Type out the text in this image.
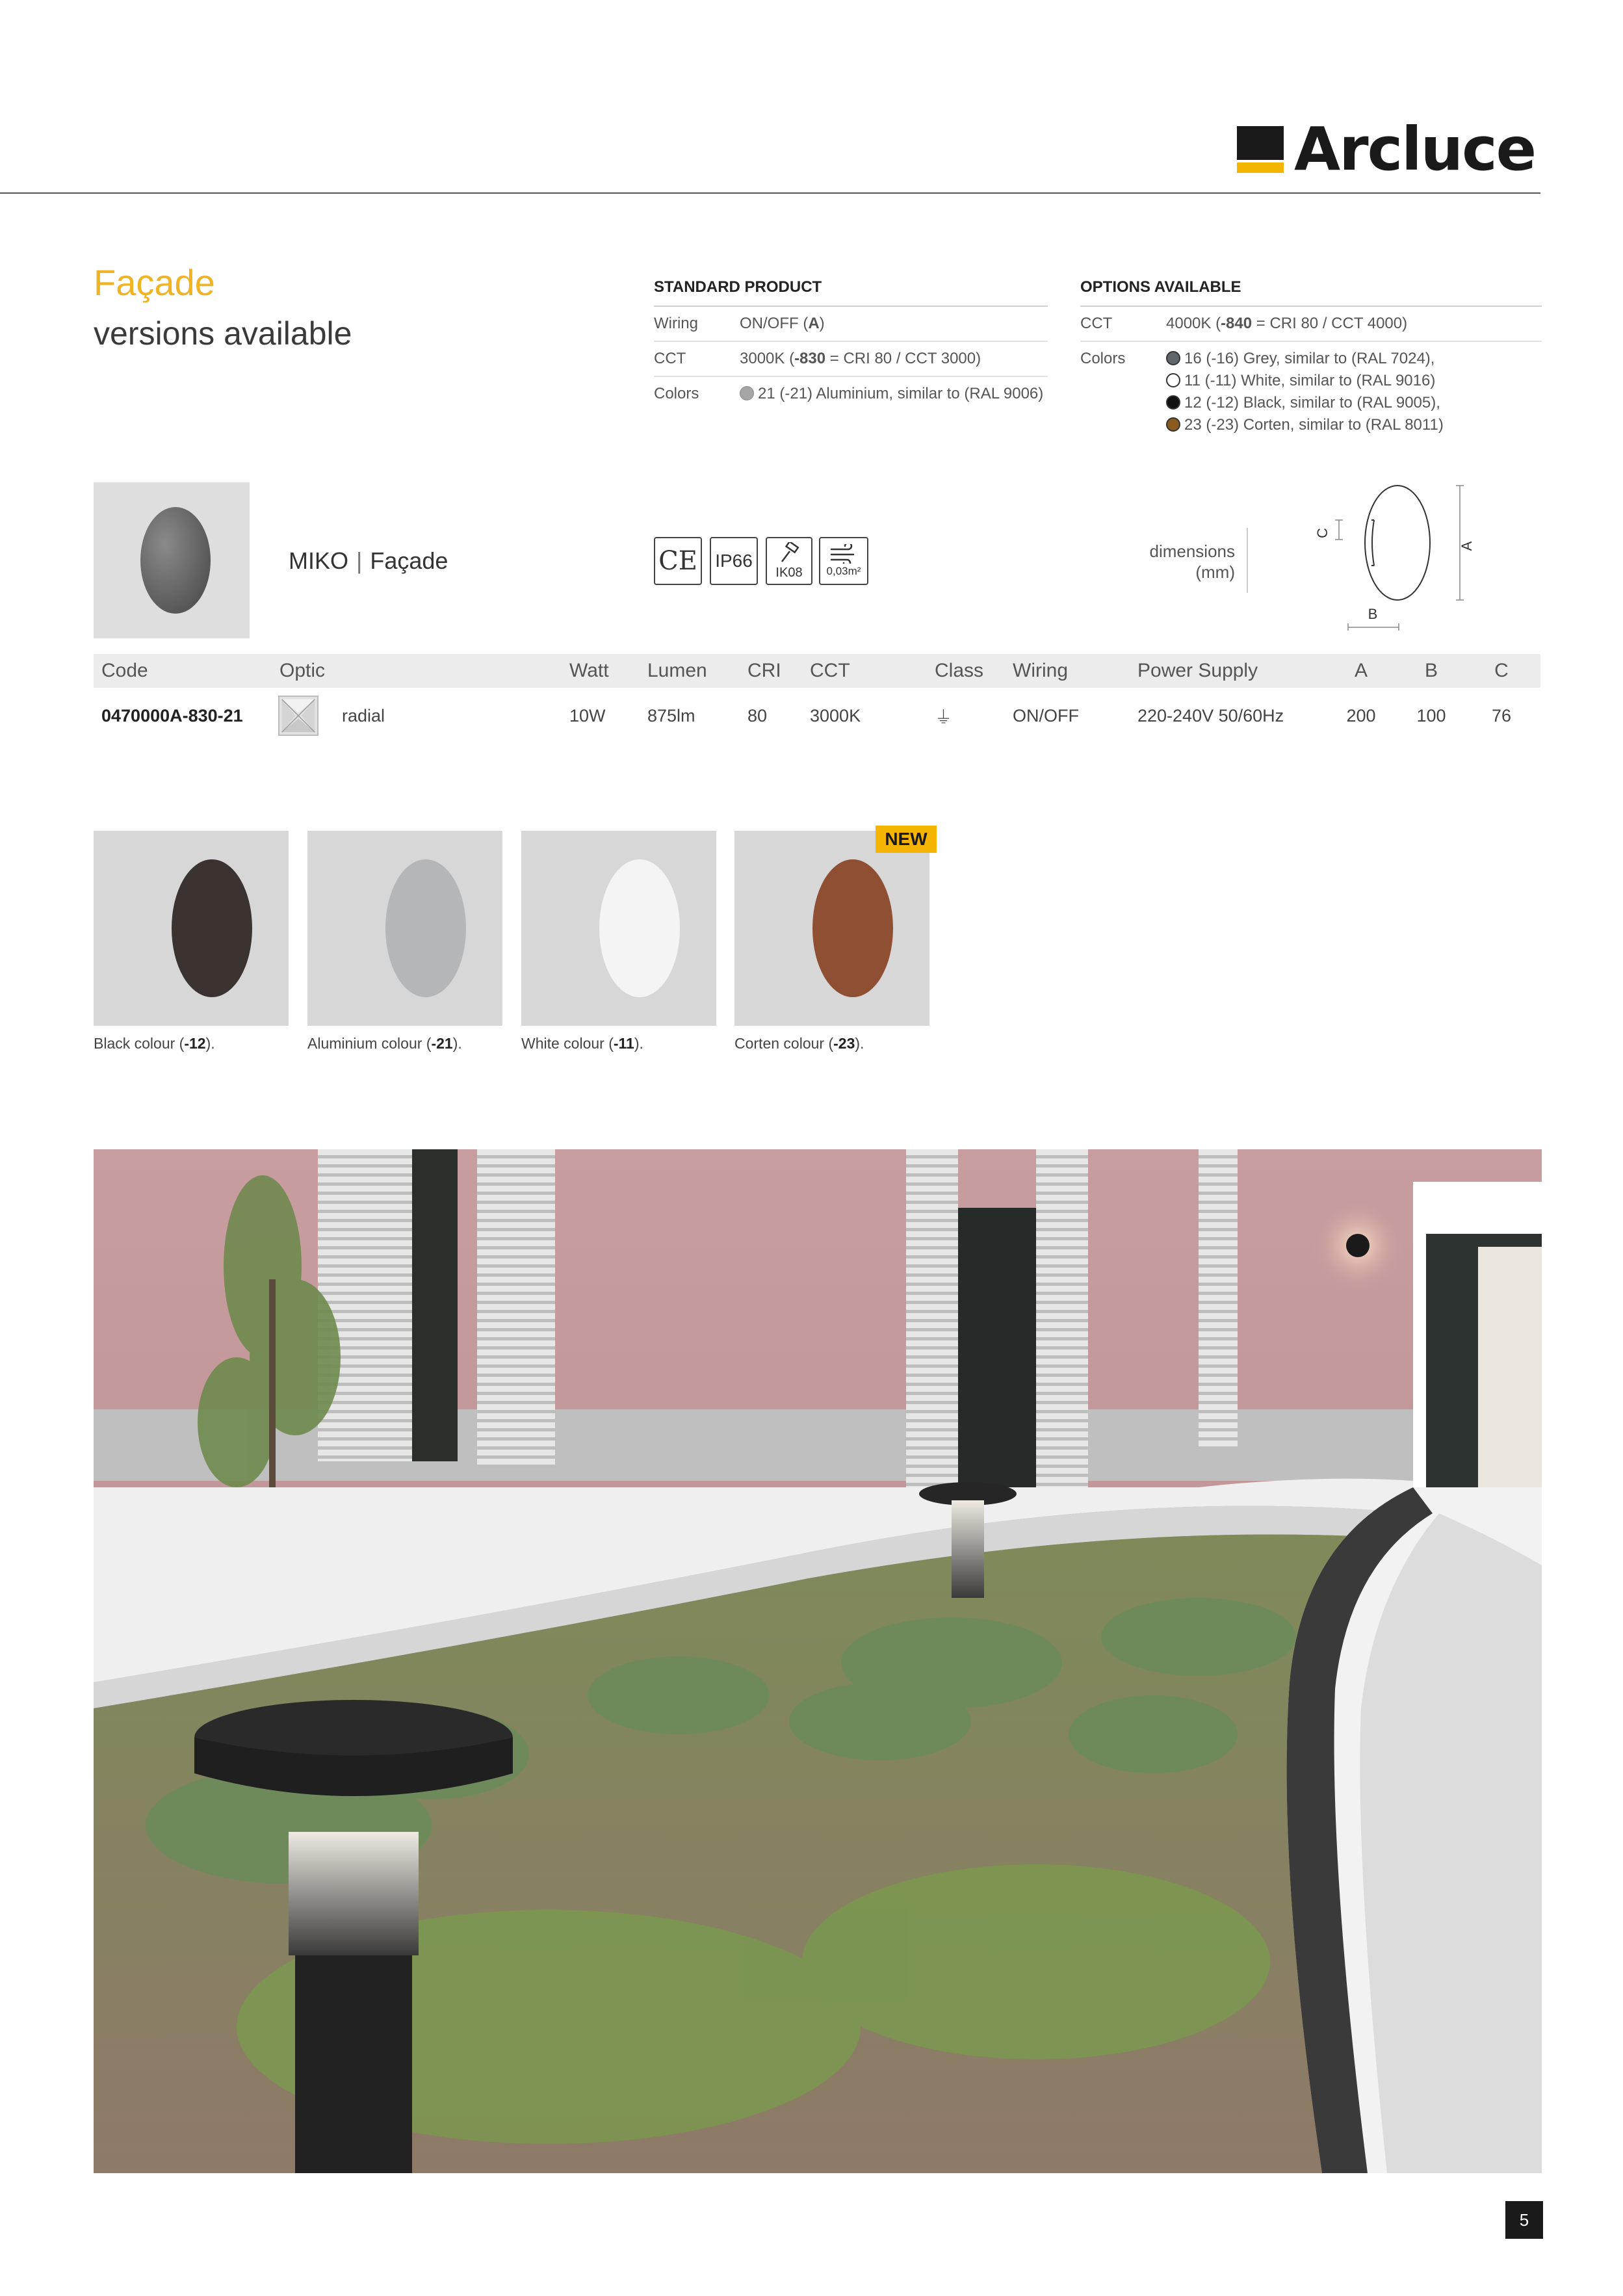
Arcluce
Façade
versions available
STANDARD PRODUCT
Wiring	ON/OFF (A)
CCT	3000K (-830 = CRI 80 / CCT 3000)
Colors	21 (-21) Aluminium, similar to (RAL 9006)
OPTIONS AVAILABLE
CCT	4000K (-840 = CRI 80 / CCT 4000)
Colors	16 (-16) Grey, similar to (RAL 7024),
11 (-11) White, similar to (RAL 9016)
12 (-12) Black, similar to (RAL 9005),
23 (-23) Corten, similar to (RAL 8011)
MIKO | Façade	CE IP66
IK08 0,03m²
dimensions
(mm)
A
C
B
Code	Optic	Watt	Lumen	CRI	CCT	Class	Wiring	Power Supply	A	B	C
0470000A-830-21	radial	10W	875lm	80	3000K	⏚	ON/OFF	220-240V 50/60Hz	200	100	76
NEW
Black colour (-12).	White colour (-11).
Aluminium colour (-21).	Corten colour (-23).
5
